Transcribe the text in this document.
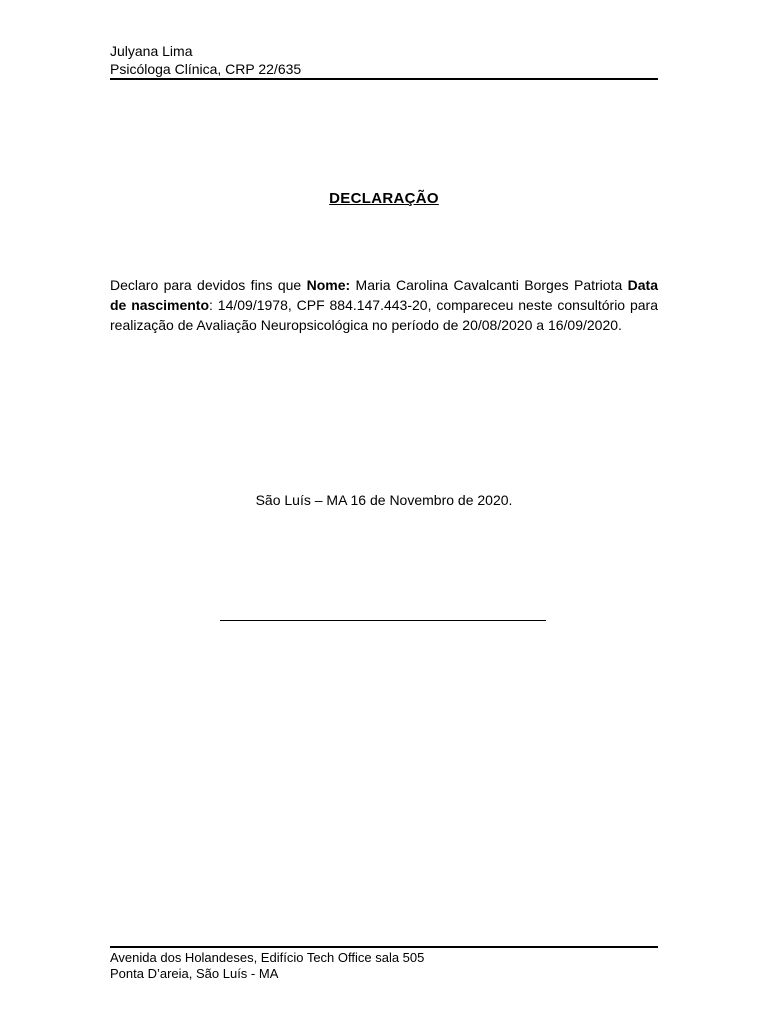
Julyana Lima
Psicóloga Clínica, CRP 22/635
DECLARAÇÃO
Declaro para devidos fins que Nome: Maria Carolina Cavalcanti Borges Patriota Data de nascimento: 14/09/1978, CPF 884.147.443-20, compareceu neste consultório para realização de Avaliação Neuropsicológica no período de 20/08/2020 a 16/09/2020.
São Luís – MA 16 de Novembro de 2020.
Avenida dos Holandeses, Edifício Tech Office sala 505
Ponta D’areia, São Luís - MA
